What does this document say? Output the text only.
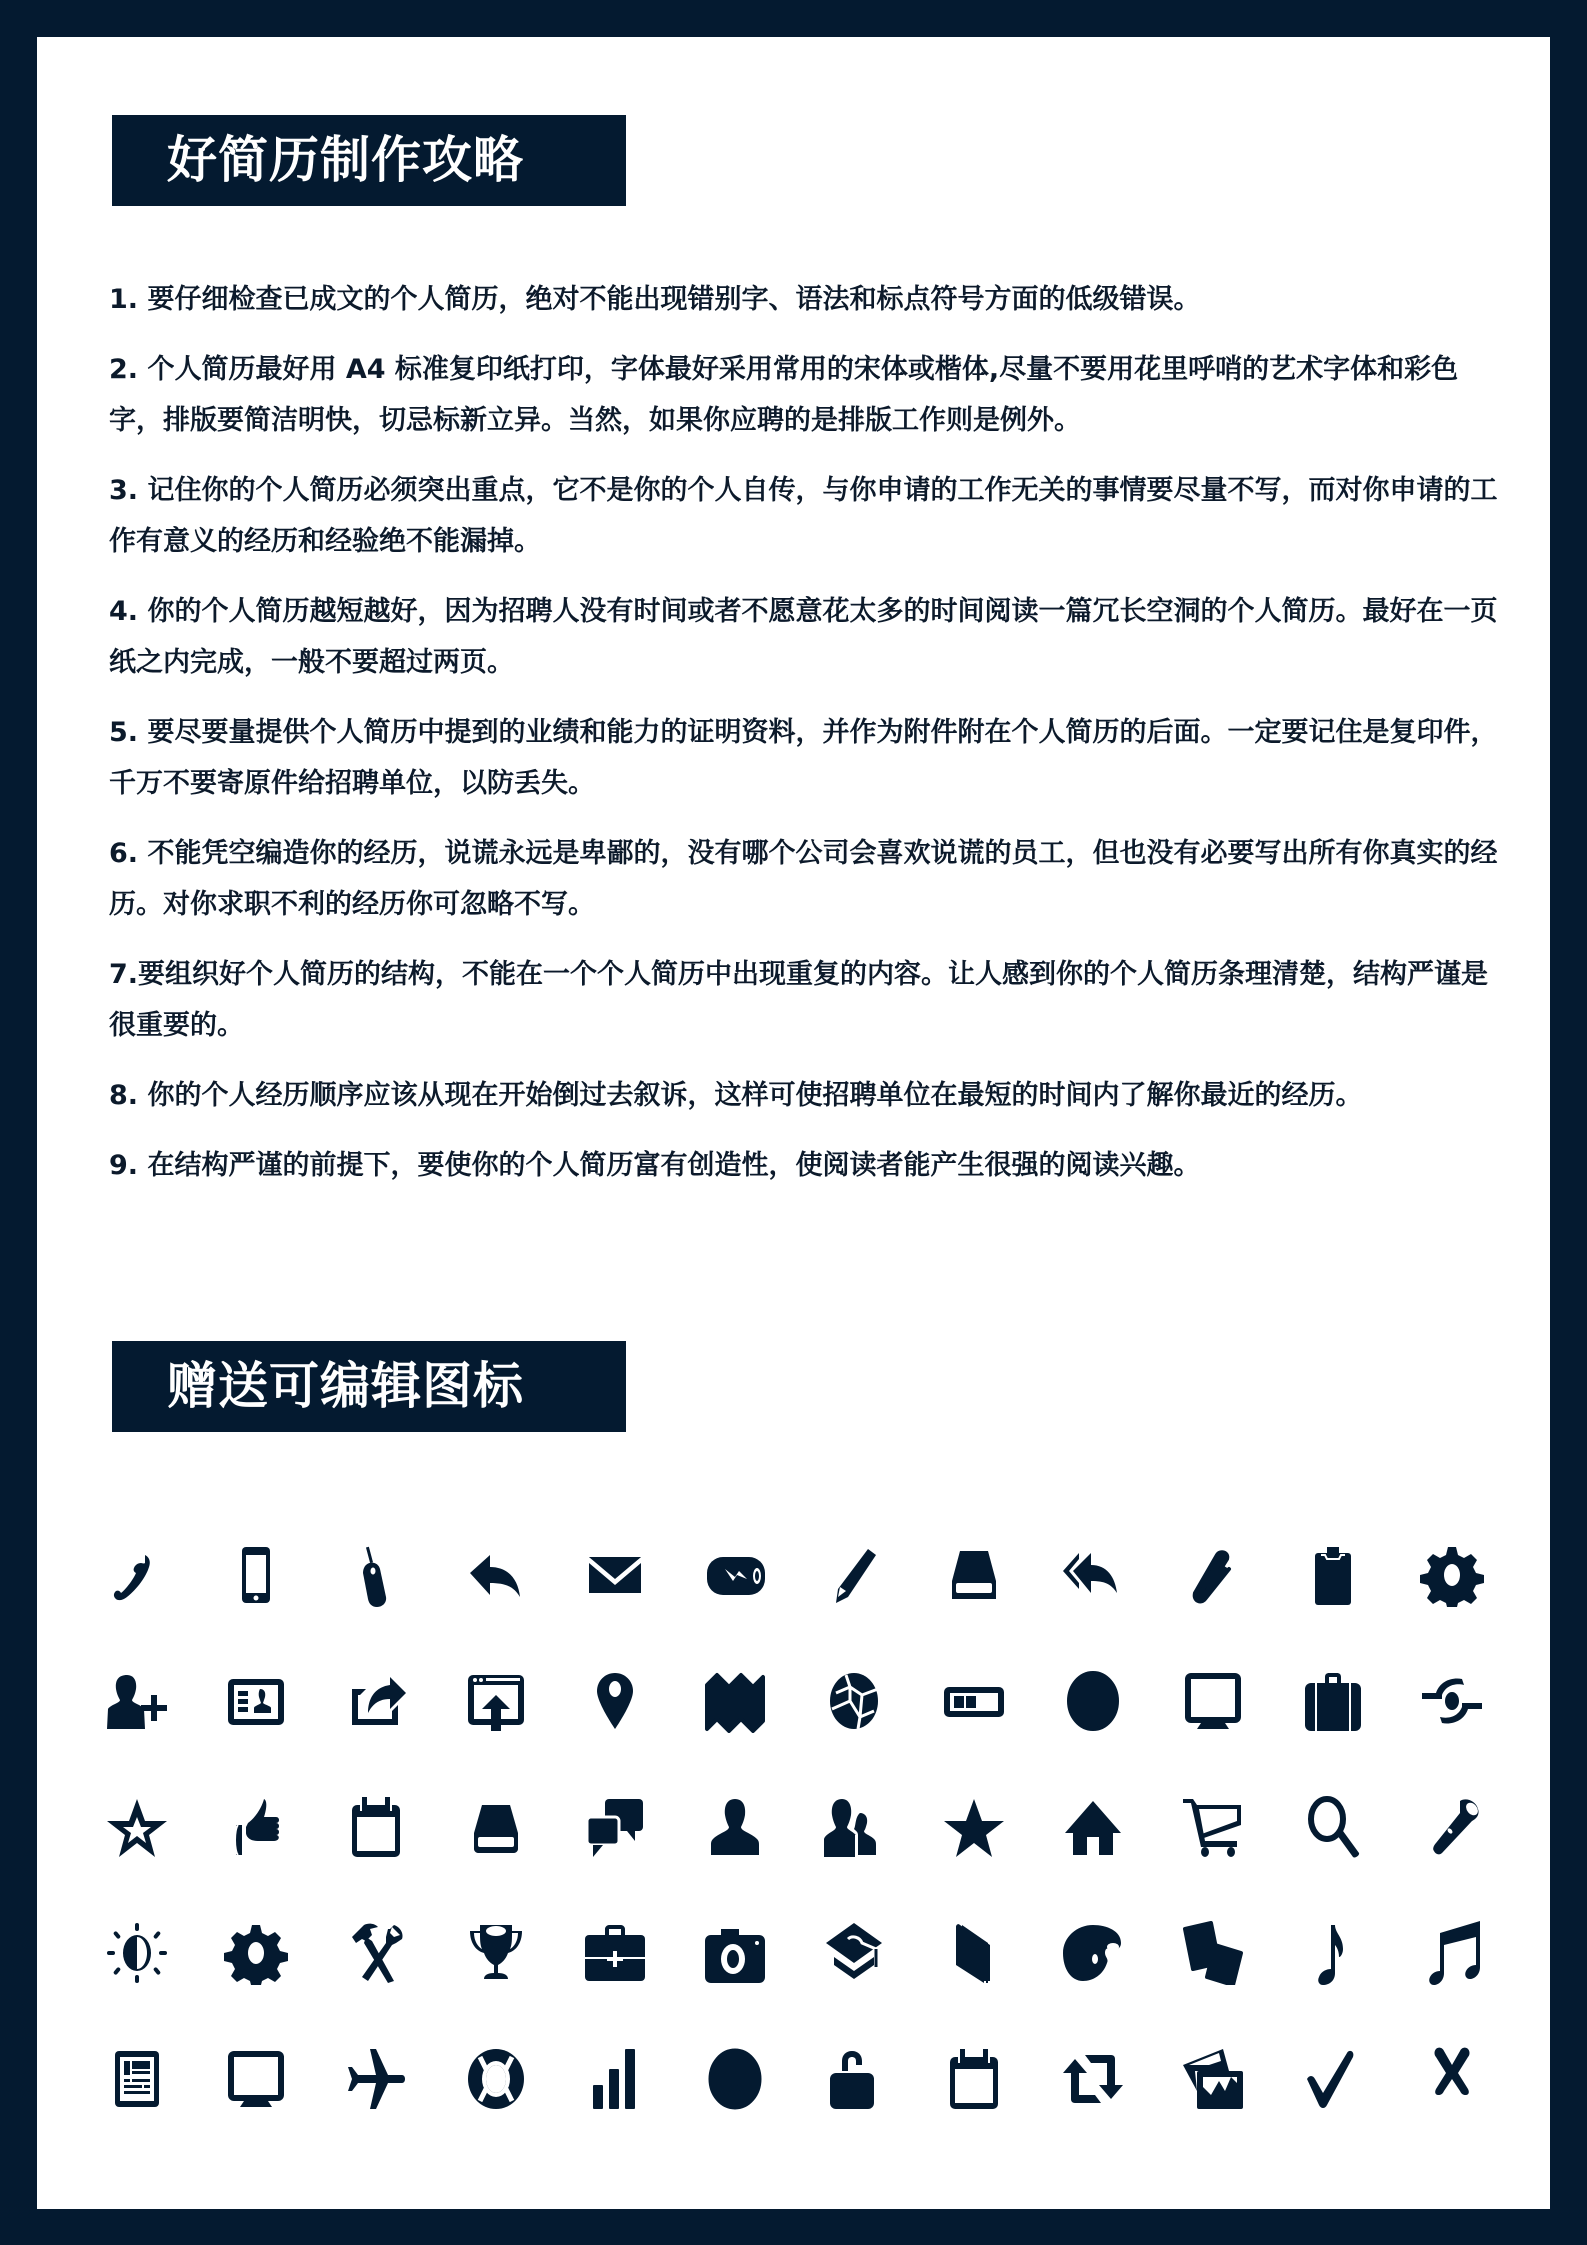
好简历制作攻略

1. 要仔细检查已成文的个人简历，绝对不能出现错别字、语法和标点符号方面的低级错误。

2. 个人简历最好用 A4 标准复印纸打印，字体最好采用常用的宋体或楷体,尽量不要用花里呼哨的艺术字体和彩色字，排版要简洁明快，切忌标新立异。当然，如果你应聘的是排版工作则是例外。

3. 记住你的个人简历必须突出重点，它不是你的个人自传，与你申请的工作无关的事情要尽量不写，而对你申请的工作有意义的经历和经验绝不能漏掉。

4. 你的个人简历越短越好，因为招聘人没有时间或者不愿意花太多的时间阅读一篇冗长空洞的个人简历。最好在一页纸之内完成，一般不要超过两页。

5. 要尽要量提供个人简历中提到的业绩和能力的证明资料，并作为附件附在个人简历的后面。一定要记住是复印件，千万不要寄原件给招聘单位，以防丢失。

6. 不能凭空编造你的经历，说谎永远是卑鄙的，没有哪个公司会喜欢说谎的员工，但也没有必要写出所有你真实的经历。对你求职不利的经历你可忽略不写。

7.要组织好个人简历的结构，不能在一个个人简历中出现重复的内容。让人感到你的个人简历条理清楚，结构严谨是很重要的。

8. 你的个人经历顺序应该从现在开始倒过去叙诉，这样可使招聘单位在最短的时间内了解你最近的经历。

9. 在结构严谨的前提下，要使你的个人简历富有创造性，使阅读者能产生很强的阅读兴趣。

赠送可编辑图标
